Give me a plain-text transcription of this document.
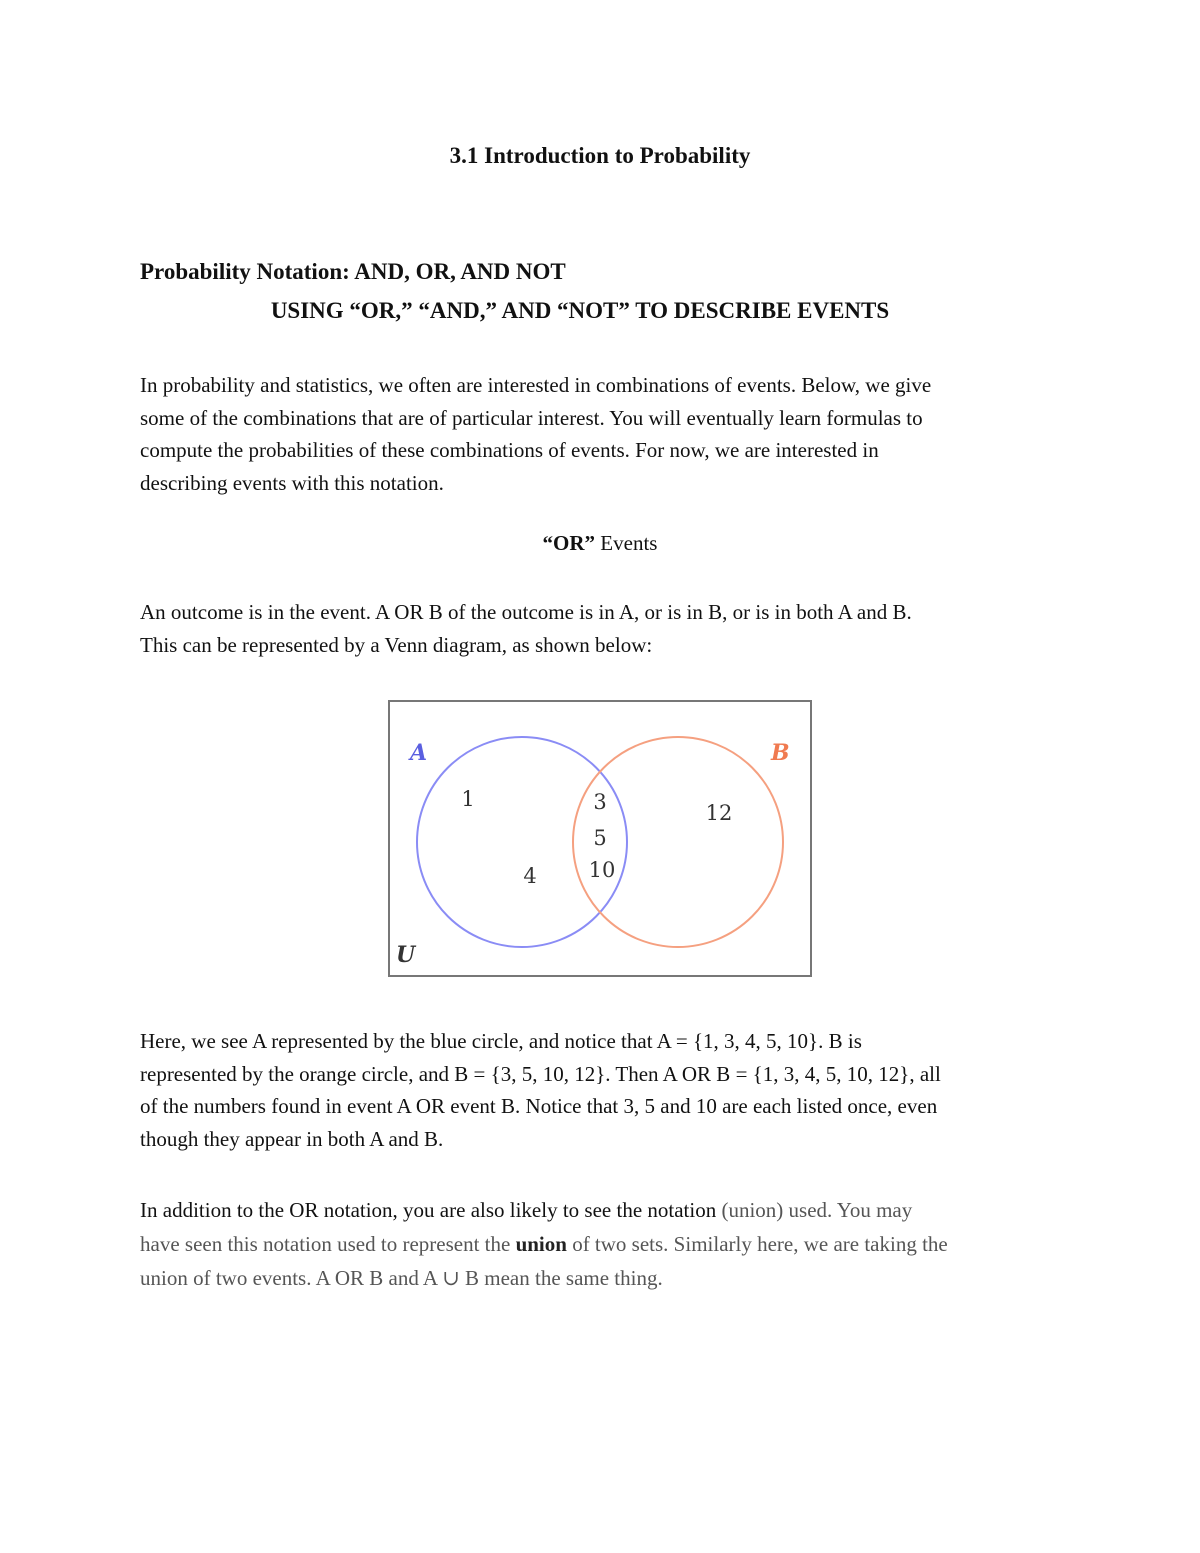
3.1 Introduction to Probability
Probability Notation: AND, OR, AND NOT
USING “OR,” “AND,” AND “NOT” TO DESCRIBE EVENTS

In probability and statistics, we often are interested in combinations of events. Below, we give
some of the combinations that are of particular interest. You will eventually learn formulas to
compute the probabilities of these combinations of events. For now, we are interested in
describing events with this notation.

“OR” Events

An outcome is in the event. A OR B of the outcome is in A, or is in B, or is in both A and B.
This can be represented by a Venn diagram, as shown below:

A	B
U
1
4
3
5
10
12

Here, we see A represented by the blue circle, and notice that A = {1, 3, 4, 5, 10}. B is
represented by the orange circle, and B = {3, 5, 10, 12}. Then A OR B = {1, 3, 4, 5, 10, 12}, all
of the numbers found in event A OR event B. Notice that 3, 5 and 10 are each listed once, even
though they appear in both A and B.

In addition to the OR notation, you are also likely to see the notation (union) used. You may
have seen this notation used to represent the union of two sets. Similarly here, we are taking the
union of two events. A OR B and A ∪ B mean the same thing.
